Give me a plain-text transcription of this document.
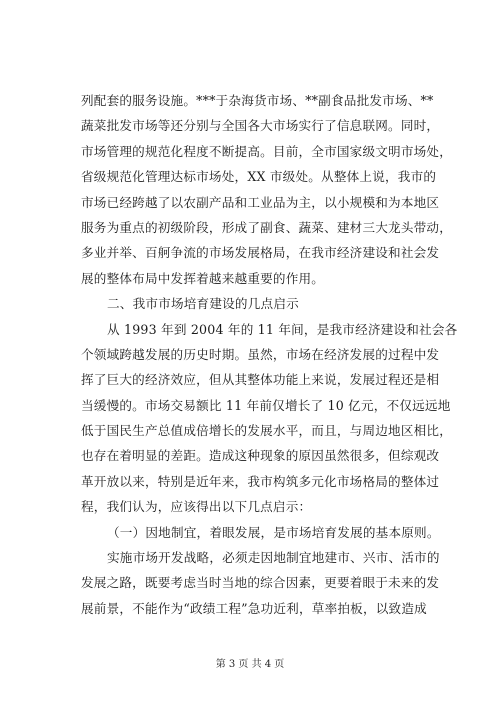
列配套的服务设施。***于杂海货市场、**副食品批发市场、**
蔬菜批发市场等还分别与全国各大市场实行了信息联网。同时，
市场管理的规范化程度不断提高。目前，全市国家级文明市场处，
省级规范化管理达标市场处，XX 市级处。从整体上说，我市的
市场已经跨越了以农副产品和工业品为主，以小规模和为本地区
服务为重点的初级阶段，形成了副食、蔬菜、建材三大龙头带动，
多业并举、百舸争流的市场发展格局，在我市经济建设和社会发
展的整体布局中发挥着越来越重要的作用。
二、我市市场培育建设的几点启示
从 1993 年到 2004 年的 11 年间，是我市经济建设和社会各
个领域跨越发展的历史时期。虽然，市场在经济发展的过程中发
挥了巨大的经济效应，但从其整体功能上来说，发展过程还是相
当缓慢的。市场交易额比 11 年前仅增长了 10 亿元，不仅远远地
低于国民生产总值成倍增长的发展水平，而且，与周边地区相比，
也存在着明显的差距。造成这种现象的原因虽然很多，但综观改
革开放以来，特别是近年来，我市构筑多元化市场格局的整体过
程，我们认为，应该得出以下几点启示：
（一）因地制宜，着眼发展，是市场培育发展的基本原则。
实施市场开发战略，必须走因地制宜地建市、兴市、活市的
发展之路，既要考虑当时当地的综合因素，更要着眼于未来的发
展前景，不能作为“政绩工程”急功近利，草率拍板，以致造成
第 3 页 共 4 页
